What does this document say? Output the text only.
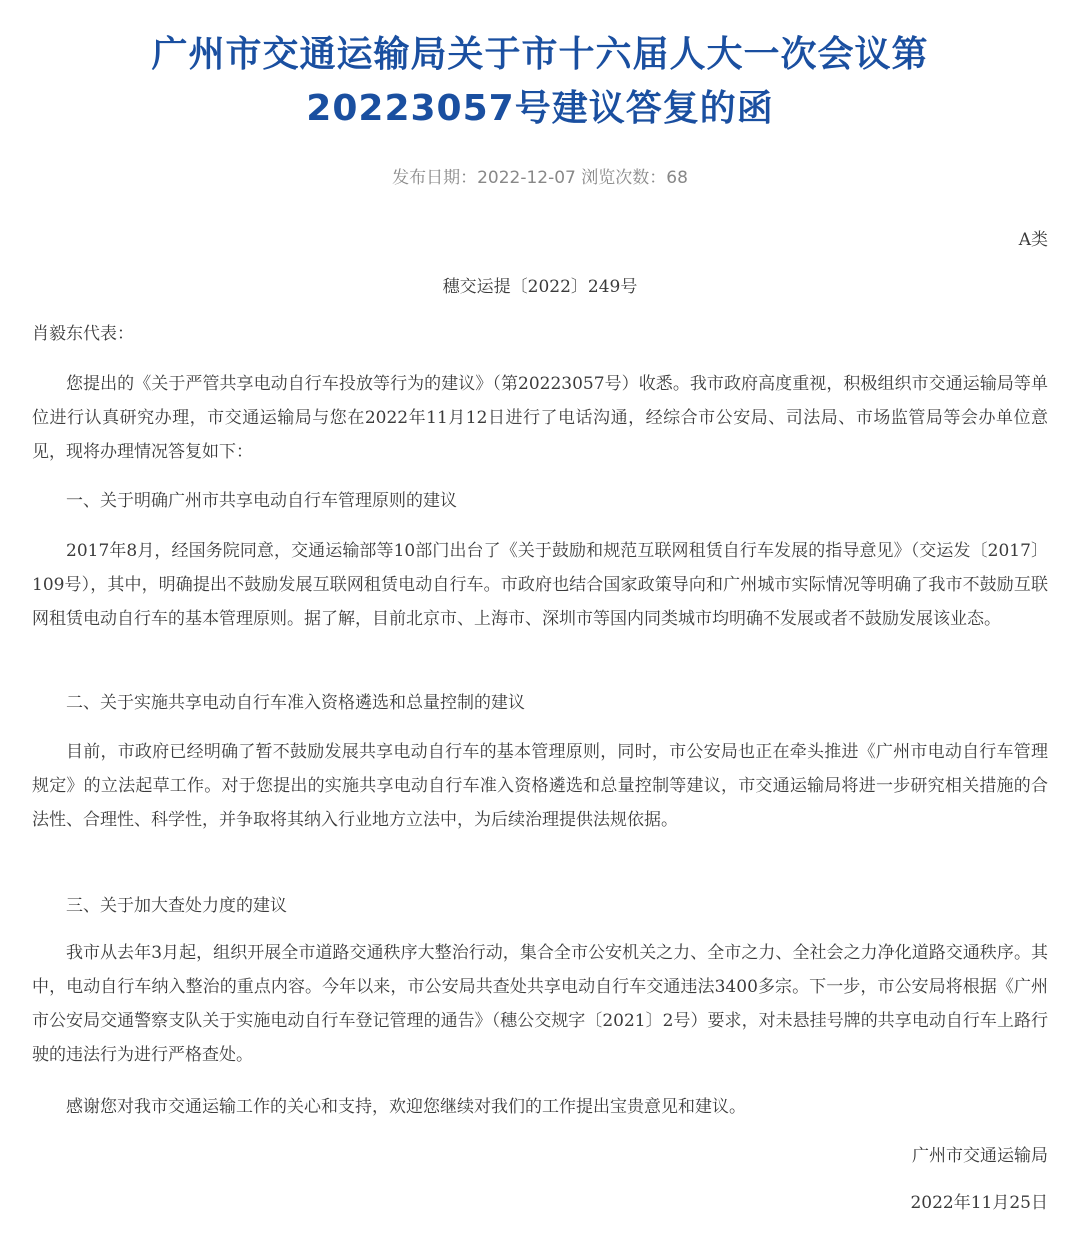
广州市交通运输局关于市十六届人大一次会议第
20223057号建议答复的函
发布日期：2022-12-07 浏览次数：68
A类
穗交运提〔2022〕249号
肖毅东代表：

您提出的《关于严管共享电动自行车投放等行为的建议》（第20223057号）收悉。我市政府高度重视，积极组织市交通运输局等单位进行认真研究办理，市交通运输局与您在2022年11月12日进行了电话沟通，经综合市公安局、司法局、市场监管局等会办单位意见，现将办理情况答复如下：

一、关于明确广州市共享电动自行车管理原则的建议

2017年8月，经国务院同意，交通运输部等10部门出台了《关于鼓励和规范互联网租赁自行车发展的指导意见》（交运发〔2017〕109号），其中，明确提出不鼓励发展互联网租赁电动自行车。市政府也结合国家政策导向和广州城市实际情况等明确了我市不鼓励互联网租赁电动自行车的基本管理原则。据了解，目前北京市、上海市、深圳市等国内同类城市均明确不发展或者不鼓励发展该业态。

二、关于实施共享电动自行车准入资格遴选和总量控制的建议

目前，市政府已经明确了暂不鼓励发展共享电动自行车的基本管理原则，同时，市公安局也正在牵头推进《广州市电动自行车管理规定》的立法起草工作。对于您提出的实施共享电动自行车准入资格遴选和总量控制等建议，市交通运输局将进一步研究相关措施的合法性、合理性、科学性，并争取将其纳入行业地方立法中，为后续治理提供法规依据。

三、关于加大查处力度的建议

我市从去年3月起，组织开展全市道路交通秩序大整治行动，集合全市公安机关之力、全市之力、全社会之力净化道路交通秩序。其中，电动自行车纳入整治的重点内容。今年以来，市公安局共查处共享电动自行车交通违法3400多宗。下一步，市公安局将根据《广州市公安局交通警察支队关于实施电动自行车登记管理的通告》（穗公交规字〔2021〕2号）要求，对未悬挂号牌的共享电动自行车上路行驶的违法行为进行严格查处。

感谢您对我市交通运输工作的关心和支持，欢迎您继续对我们的工作提出宝贵意见和建议。

广州市交通运输局
2022年11月25日
